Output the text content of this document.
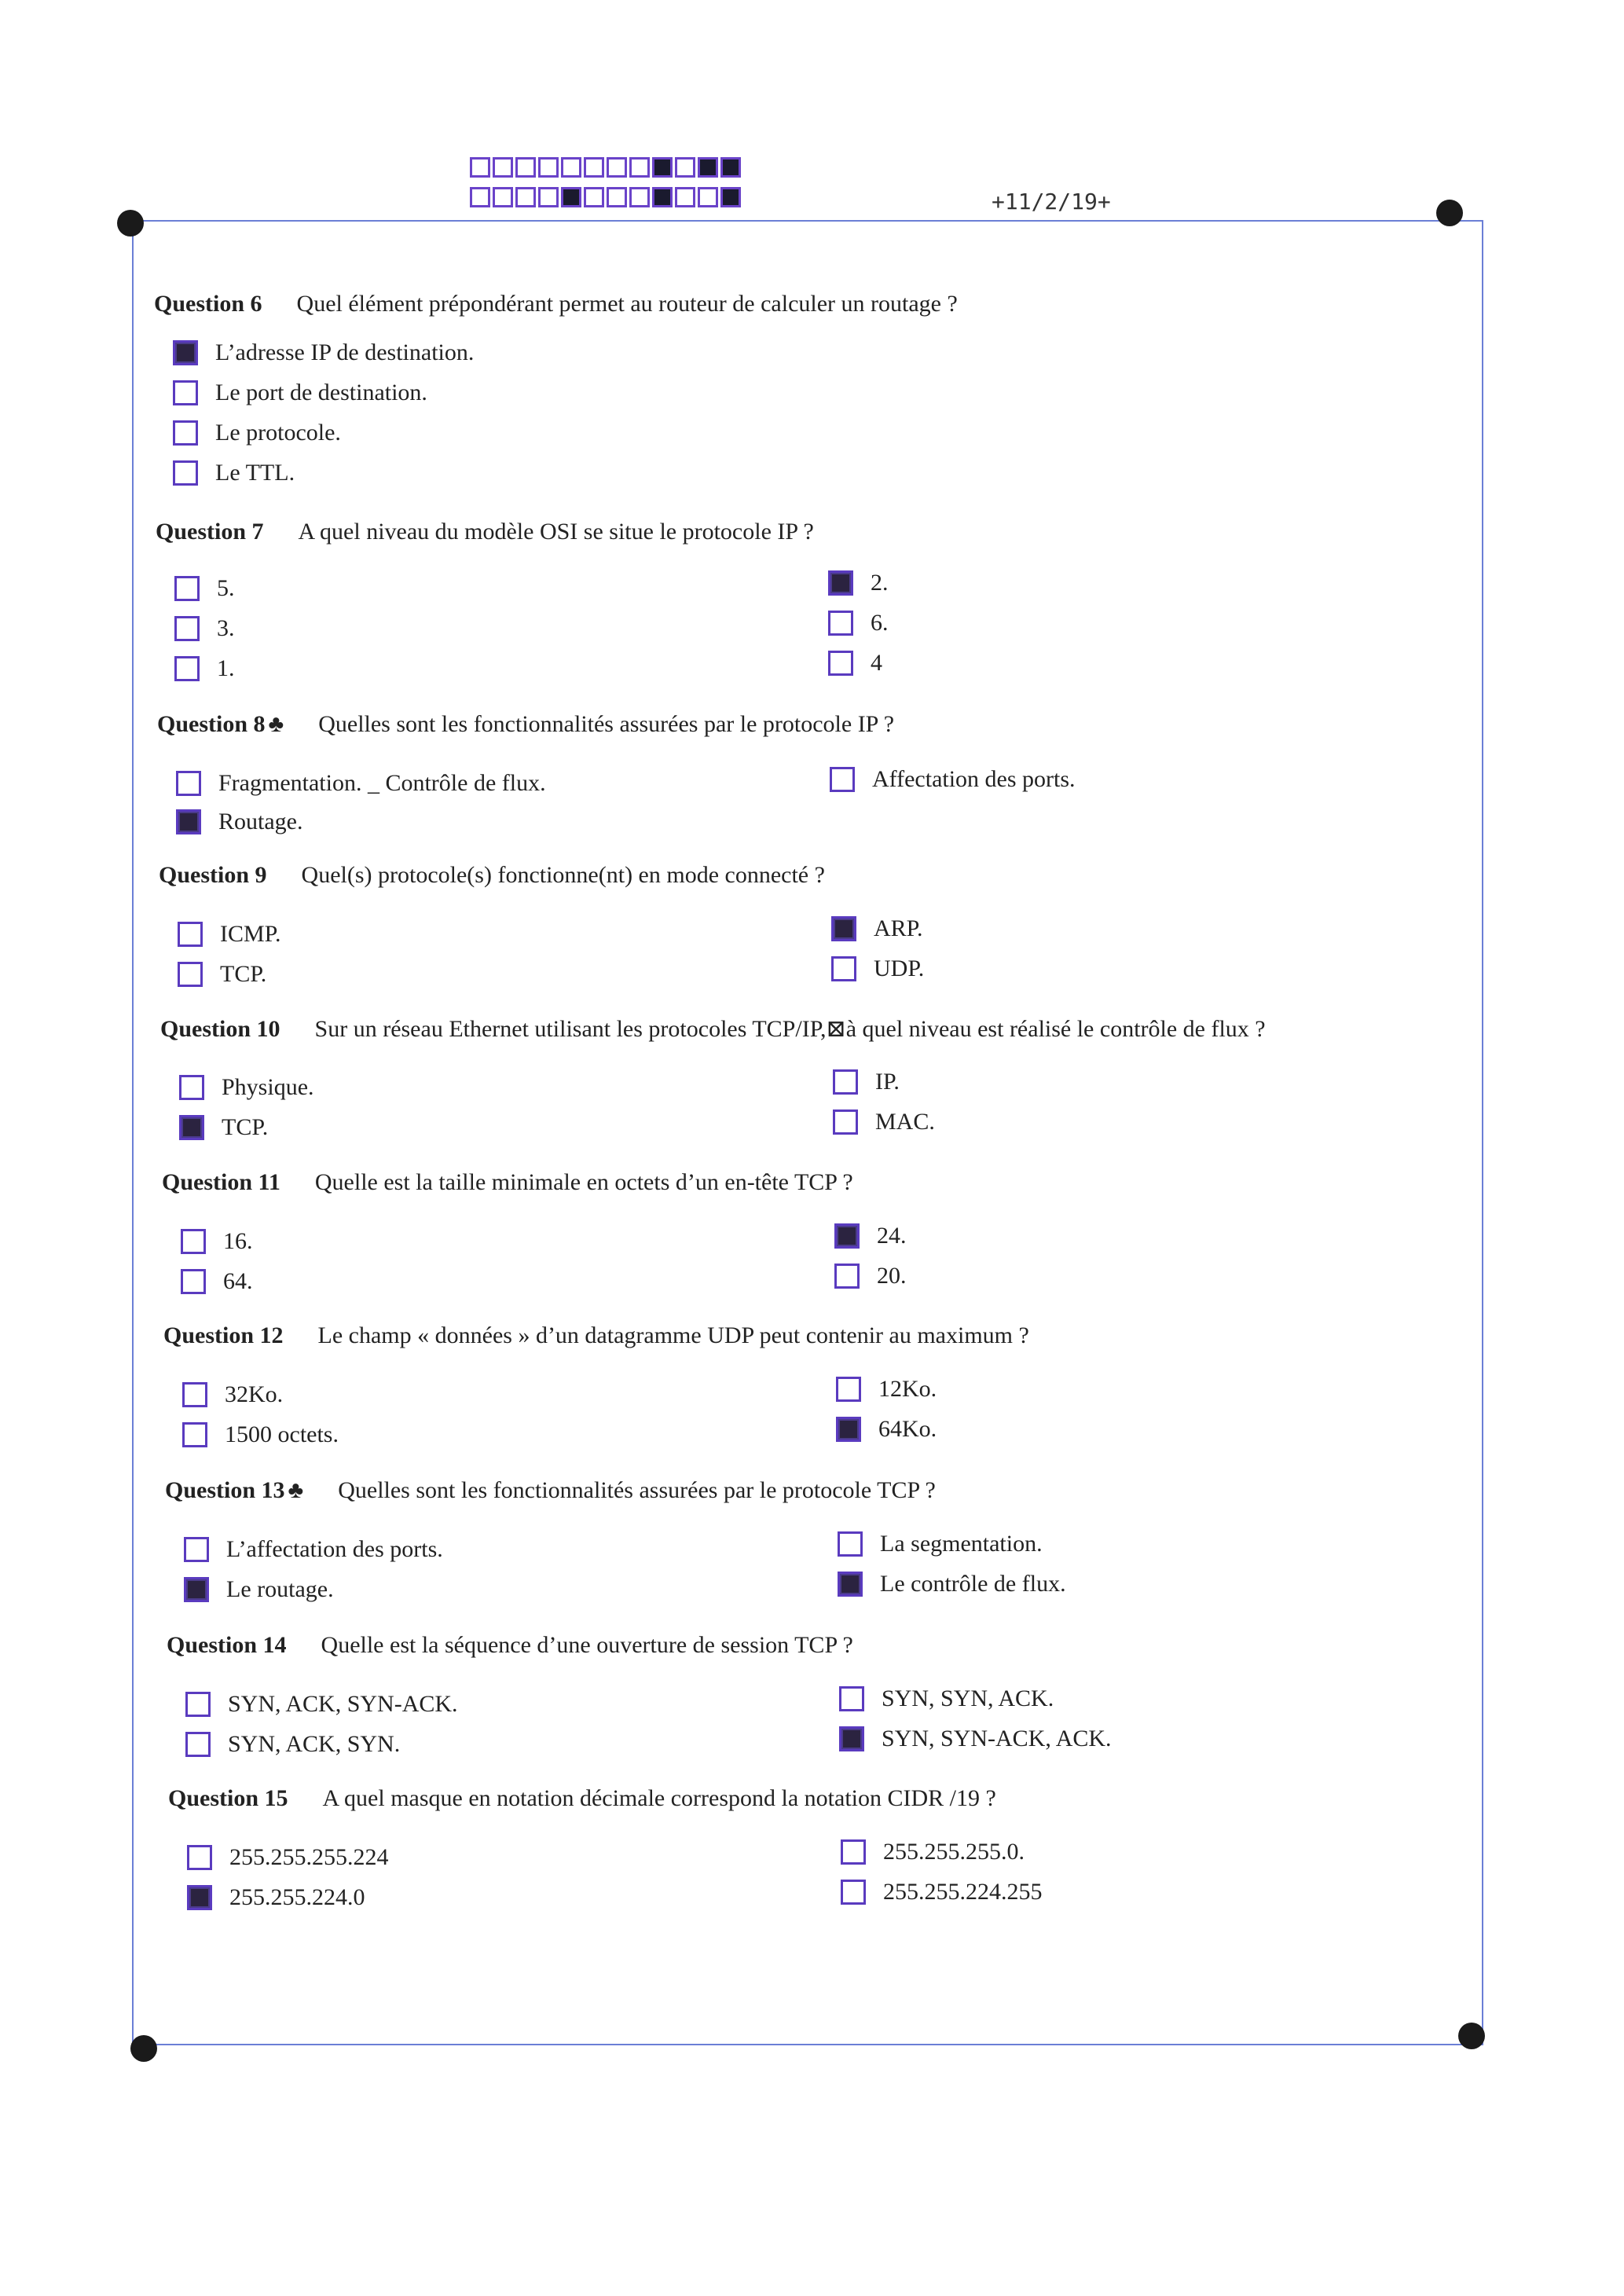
+11/2/19+
Question 6 Quel élément prépondérant permet au routeur de calculer un routage ?
L’adresse IP de destination.
Le port de destination.
Le protocole.
Le TTL.
Question 7 A quel niveau du modèle OSI se situe le protocole IP ?
5.
3.
1.
2.
6.
4
Question 8 ♣ Quelles sont les fonctionnalités assurées par le protocole IP ?
Fragmentation. _ Contrôle de flux.
Routage.
Affectation des ports.
Question 9 Quel(s) protocole(s) fonctionne(nt) en mode connecté ?
ICMP.
TCP.
ARP.
UDP.
Question 10 Sur un réseau Ethernet utilisant les protocoles TCP/IP,⊠à quel niveau est réalisé le contrôle de flux ?
Physique.
TCP.
IP.
MAC.
Question 11 Quelle est la taille minimale en octets d’un en-tête TCP ?
16.
64.
24.
20.
Question 12 Le champ « données » d’un datagramme UDP peut contenir au maximum ?
32Ko.
1500 octets.
12Ko.
64Ko.
Question 13 ♣ Quelles sont les fonctionnalités assurées par le protocole TCP ?
L’affectation des ports.
Le routage.
La segmentation.
Le contrôle de flux.
Question 14 Quelle est la séquence d’une ouverture de session TCP ?
SYN, ACK, SYN-ACK.
SYN, ACK, SYN.
SYN, SYN, ACK.
SYN, SYN-ACK, ACK.
Question 15 A quel masque en notation décimale correspond la notation CIDR /19 ?
255.255.255.224
255.255.224.0
255.255.255.0.
255.255.224.255
